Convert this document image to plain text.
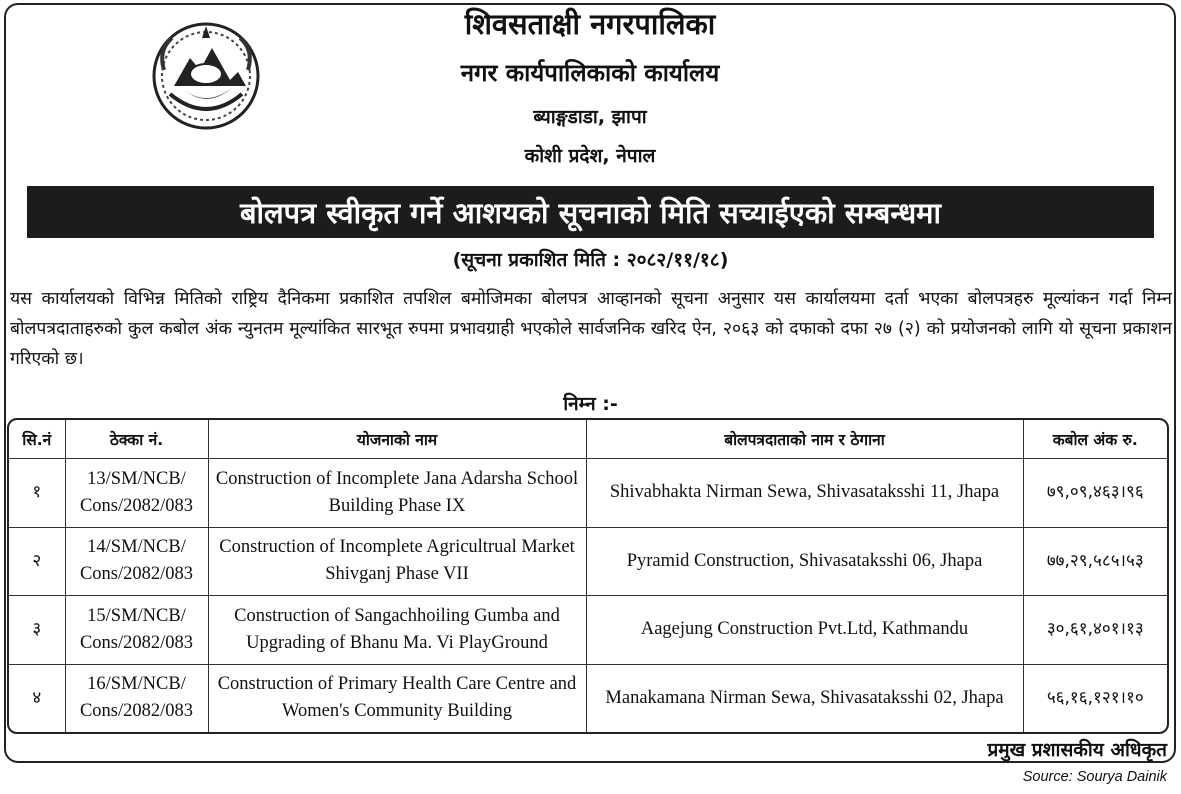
शिवसताक्षी नगरपालिका
नगर कार्यपालिकाको कार्यालय
ब्याङ्गडाडा, झापा
कोशी प्रदेश, नेपाल
बोलपत्र स्वीकृत गर्ने आशयको सूचनाको मिति सच्याईएको सम्बन्धमा
(सूचना प्रकाशित मिति : २०८२/११/१८)
यस कार्यालयको विभिन्न मितिको राष्ट्रिय दैनिकमा प्रकाशित तपशिल बमोजिमका बोलपत्र आव्हानको सूचना अनुसार यस कार्यालयमा दर्ता भएका बोलपत्रहरु मूल्यांकन गर्दा निम्न बोलपत्रदाताहरुको कुल कबोल अंक न्युनतम मूल्यांकित सारभूत रुपमा प्रभावग्राही भएकोले सार्वजनिक खरिद ऐन, २०६३ को दफाको दफा २७ (२) को प्रयोजनको लागि यो सूचना प्रकाशन गरिएको छ।
निम्न :-
सि.नं	ठेक्का नं.	योजनाको नाम	बोलपत्रदाताको नाम र ठेगाना	कबोल अंक रु.
१	13/SM/NCB/ Cons/2082/083	Construction of Incomplete Jana Adarsha School Building Phase IX	Shivabhakta Nirman Sewa, Shivasataksshi 11, Jhapa	७९,०९,४६३।९६
२	14/SM/NCB/ Cons/2082/083	Construction of Incomplete Agricultrual Market Shivganj Phase VII	Pyramid Construction, Shivasataksshi 06, Jhapa	७७,२९,५८५।५३
३	15/SM/NCB/ Cons/2082/083	Construction of Sangachhoiling Gumba and Upgrading of Bhanu Ma. Vi PlayGround	Aagejung Construction Pvt.Ltd, Kathmandu	३०,६१,४०१।१३
४	16/SM/NCB/ Cons/2082/083	Construction of Primary Health Care Centre and Women's Community Building	Manakamana Nirman Sewa, Shivasataksshi 02, Jhapa	५६,१६,१२१।१०
प्रमुख प्रशासकीय अधिकृत
Source: Sourya Dainik
